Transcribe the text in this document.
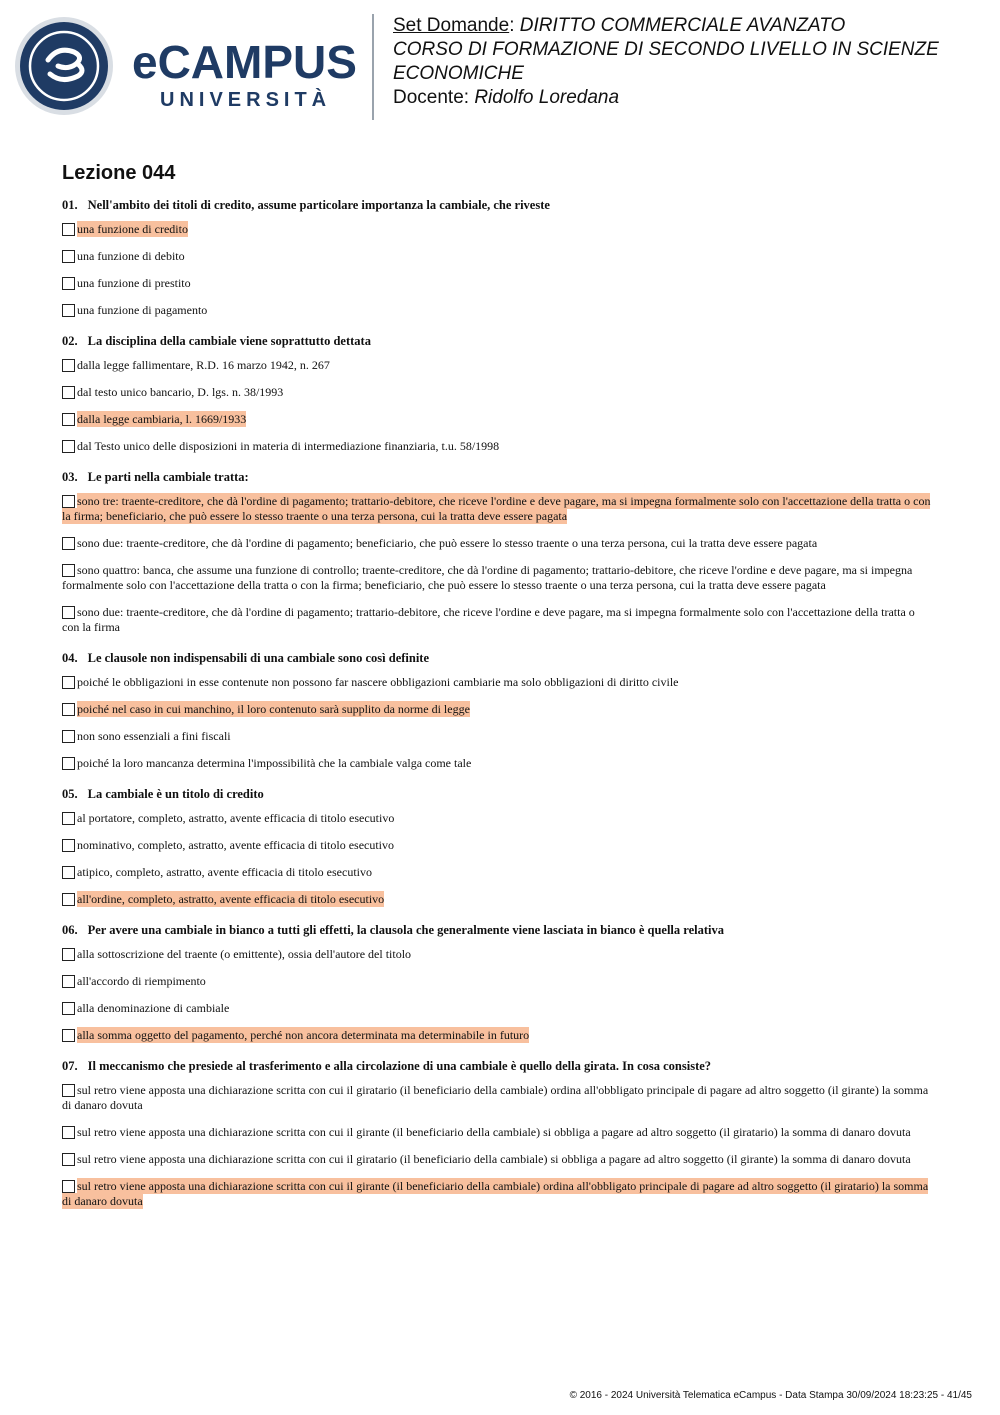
eCAMPUS
UNIVERSITÀ
Set Domande: DIRITTO COMMERCIALE AVANZATO
CORSO DI FORMAZIONE DI SECONDO LIVELLO IN SCIENZE ECONOMICHE
Docente: Ridolfo Loredana
Lezione 044
01. Nell'ambito dei titoli di credito, assume particolare importanza la cambiale, che riveste
una funzione di credito
una funzione di debito
una funzione di prestito
una funzione di pagamento
02. La disciplina della cambiale viene soprattutto dettata
dalla legge fallimentare, R.D. 16 marzo 1942, n. 267
dal testo unico bancario, D. lgs. n. 38/1993
dalla legge cambiaria, l. 1669/1933
dal Testo unico delle disposizioni in materia di intermediazione finanziaria, t.u. 58/1998
03. Le parti nella cambiale tratta:
sono tre: traente-creditore, che dà l'ordine di pagamento; trattario-debitore, che riceve l'ordine e deve pagare, ma si impegna formalmente solo con l'accettazione della tratta o con la firma; beneficiario, che può essere lo stesso traente o una terza persona, cui la tratta deve essere pagata
sono due: traente-creditore, che dà l'ordine di pagamento; beneficiario, che può essere lo stesso traente o una terza persona, cui la tratta deve essere pagata
sono quattro: banca, che assume una funzione di controllo; traente-creditore, che dà l'ordine di pagamento; trattario-debitore, che riceve l'ordine e deve pagare, ma si impegna formalmente solo con l'accettazione della tratta o con la firma; beneficiario, che può essere lo stesso traente o una terza persona, cui la tratta deve essere pagata
sono due: traente-creditore, che dà l'ordine di pagamento; trattario-debitore, che riceve l'ordine e deve pagare, ma si impegna formalmente solo con l'accettazione della tratta o con la firma
04. Le clausole non indispensabili di una cambiale sono così definite
poiché le obbligazioni in esse contenute non possono far nascere obbligazioni cambiarie ma solo obbligazioni di diritto civile
poiché nel caso in cui manchino, il loro contenuto sarà supplito da norme di legge
non sono essenziali a fini fiscali
poiché la loro mancanza determina l'impossibilità che la cambiale valga come tale
05. La cambiale è un titolo di credito
al portatore, completo, astratto, avente efficacia di titolo esecutivo
nominativo, completo, astratto, avente efficacia di titolo esecutivo
atipico, completo, astratto, avente efficacia di titolo esecutivo
all'ordine, completo, astratto, avente efficacia di titolo esecutivo
06. Per avere una cambiale in bianco a tutti gli effetti, la clausola che generalmente viene lasciata in bianco è quella relativa
alla sottoscrizione del traente (o emittente), ossia dell'autore del titolo
all'accordo di riempimento
alla denominazione di cambiale
alla somma oggetto del pagamento, perché non ancora determinata ma determinabile in futuro
07. Il meccanismo che presiede al trasferimento e alla circolazione di una cambiale è quello della girata. In cosa consiste?
sul retro viene apposta una dichiarazione scritta con cui il giratario (il beneficiario della cambiale) ordina all'obbligato principale di pagare ad altro soggetto (il girante) la somma di danaro dovuta
sul retro viene apposta una dichiarazione scritta con cui il girante (il beneficiario della cambiale) si obbliga a pagare ad altro soggetto (il giratario) la somma di danaro dovuta
sul retro viene apposta una dichiarazione scritta con cui il giratario (il beneficiario della cambiale) si obbliga a pagare ad altro soggetto (il girante) la somma di danaro dovuta
sul retro viene apposta una dichiarazione scritta con cui il girante (il beneficiario della cambiale) ordina all'obbligato principale di pagare ad altro soggetto (il giratario) la somma di danaro dovuta
© 2016 - 2024 Università Telematica eCampus - Data Stampa 30/09/2024 18:23:25 - 41/45
